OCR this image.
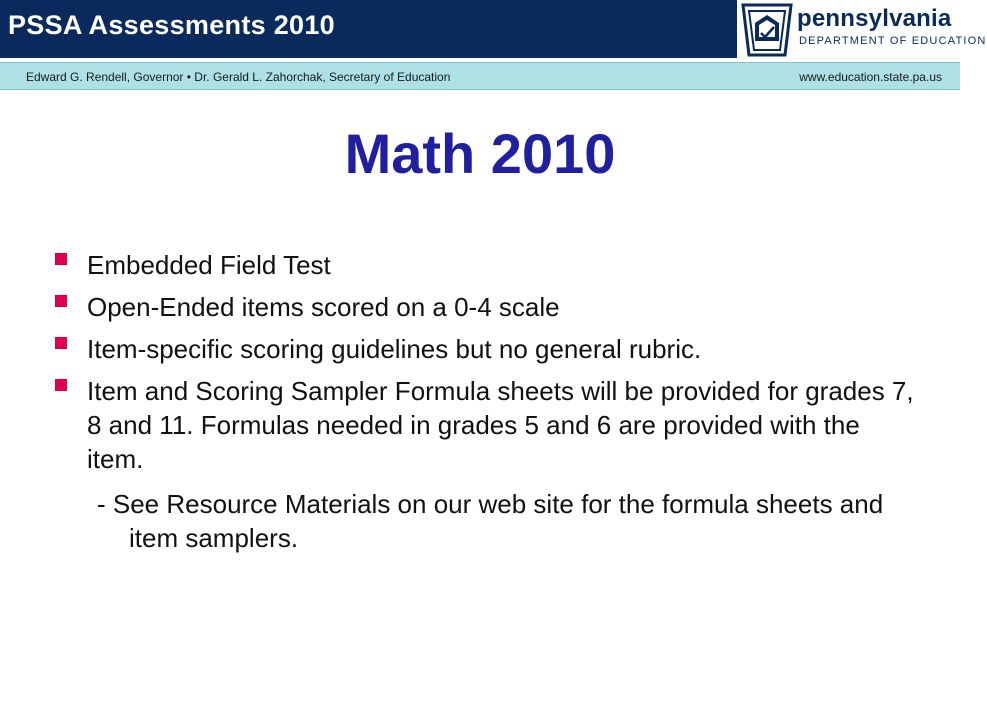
PSSA Assessments 2010	pennsylvania
DEPARTMENT OF EDUCATION
Edward G. Rendell, Governor • Dr. Gerald L. Zahorchak, Secretary of Education	www.education.state.pa.us
Math 2010
Embedded Field Test
Open-Ended items scored on a 0-4 scale
Item-specific scoring guidelines but no general rubric.
Item and Scoring Sampler Formula sheets will be provided for grades 7, 8 and 11. Formulas needed in grades 5 and 6 are provided with the item.
- See Resource Materials on our web site for the formula sheets and item samplers.
